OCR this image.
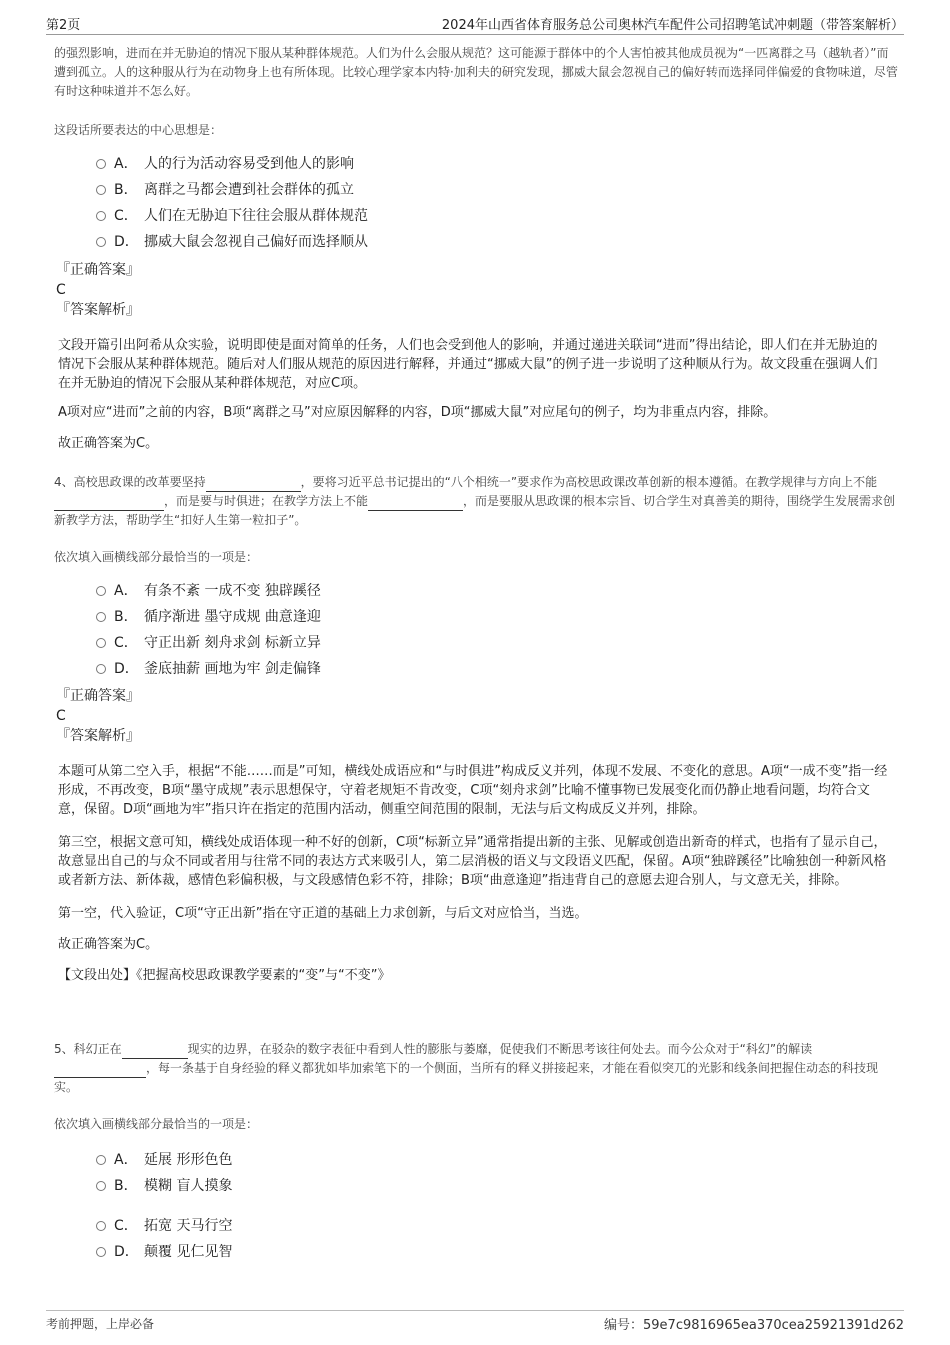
第2页	2024年山西省体育服务总公司奥林汽车配件公司招聘笔试冲刺题（带答案解析）

的强烈影响，进而在并无胁迫的情况下服从某种群体规范。人们为什么会服从规范？这可能源于群体中的个人害怕被其他成员视为“一匹离群之马（越轨者）”而遭到孤立。人的这种服从行为在动物身上也有所体现。比较心理学家本内特·加利夫的研究发现，挪威大鼠会忽视自己的偏好转而选择同伴偏爱的食物味道，尽管有时这种味道并不怎么好。

这段话所要表达的中心思想是：

A． 人的行为活动容易受到他人的影响
B． 离群之马都会遭到社会群体的孤立
C． 人们在无胁迫下往往会服从群体规范
D． 挪威大鼠会忽视自己偏好而选择顺从

『正确答案』

C

『答案解析』

文段开篇引出阿希从众实验，说明即使是面对简单的任务，人们也会受到他人的影响，并通过递进关联词“进而”得出结论，即人们在并无胁迫的情况下会服从某种群体规范。随后对人们服从规范的原因进行解释，并通过“挪威大鼠”的例子进一步说明了这种顺从行为。故文段重在强调人们在并无胁迫的情况下会服从某种群体规范，对应C项。

A项对应“进而”之前的内容，B项“离群之马”对应原因解释的内容，D项“挪威大鼠”对应尾句的例子，均为非重点内容，排除。

故正确答案为C。

4、高校思政课的改革要坚持	，要将习近平总书记提出的“八个相统一”要求作为高校思政课改革创新的根本遵循。在教学规律与方向上不能，而是要与时俱进；在教学方法上不能	，而是要服从思政课的根本宗旨、切合学生对真善美的期待，围绕学生发展需求创新教学方法，帮助学生“扣好人生第一粒扣子”。

依次填入画横线部分最恰当的一项是：

A． 有条不紊 一成不变 独辟蹊径
B． 循序渐进 墨守成规 曲意逢迎
C． 守正出新 刻舟求剑 标新立异
D． 釜底抽薪 画地为牢 剑走偏锋

『正确答案』

C

『答案解析』

本题可从第二空入手，根据“不能……而是”可知，横线处成语应和“与时俱进”构成反义并列，体现不发展、不变化的意思。A项“一成不变”指一经形成，不再改变，B项“墨守成规”表示思想保守，守着老规矩不肯改变，C项“刻舟求剑”比喻不懂事物已发展变化而仍静止地看问题，均符合文意，保留。D项“画地为牢”指只许在指定的范围内活动，侧重空间范围的限制，无法与后文构成反义并列，排除。

第三空，根据文意可知，横线处成语体现一种不好的创新，C项“标新立异”通常指提出新的主张、见解或创造出新奇的样式，也指有了显示自己，故意显出自己的与众不同或者用与往常不同的表达方式来吸引人，第二层消极的语义与文段语义匹配，保留。A项“独辟蹊径”比喻独创一种新风格或者新方法、新体裁，感情色彩偏积极，与文段感情色彩不符，排除；B项“曲意逢迎”指违背自己的意愿去迎合别人，与文意无关，排除。

第一空，代入验证，C项“守正出新”指在守正道的基础上力求创新，与后文对应恰当，当选。

故正确答案为C。

【文段出处】《把握高校思政课教学要素的“变”与“不变”》

5、科幻正在	现实的边界，在驳杂的数字表征中看到人性的膨胀与萎靡，促使我们不断思考该往何处去。而今公众对于“科幻”的解读，每一条基于自身经验的释义都犹如毕加索笔下的一个侧面，当所有的释义拼接起来，才能在看似突兀的光影和线条间把握住动态的科技现实。

依次填入画横线部分最恰当的一项是：

A． 延展 形形色色
B． 模糊 盲人摸象
C． 拓宽 天马行空
D． 颠覆 见仁见智
考前押题，上岸必备	编号：59e7c9816965ea370cea25921391d262
